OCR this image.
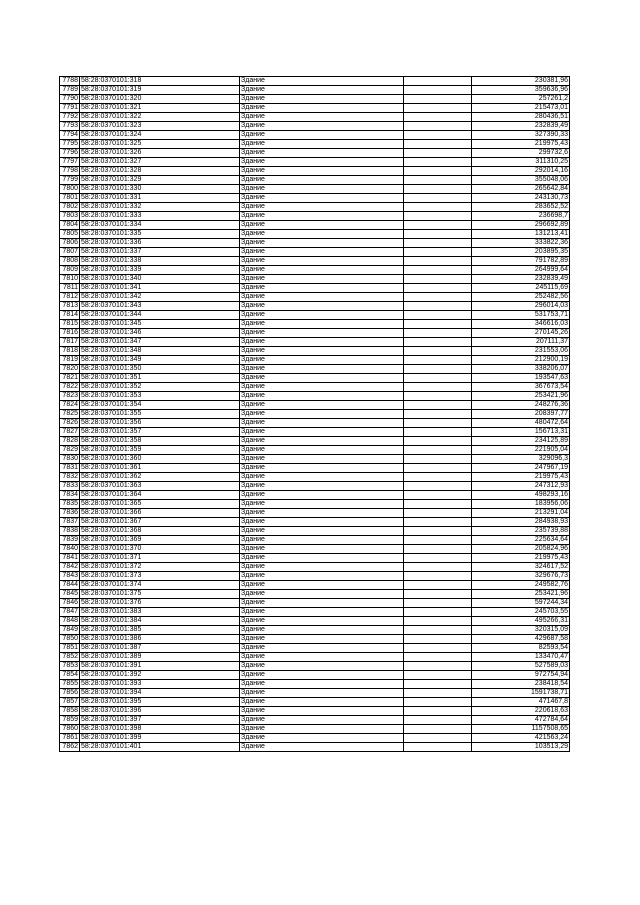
7788	58:28:0370101:318	Здание		230381,96
7789	58:28:0370101:319	Здание		359636,96
7790	58:28:0370101:320	Здание		257261,2
7791	58:28:0370101:321	Здание		215473,01
7792	58:28:0370101:322	Здание		280436,51
7793	58:28:0370101:323	Здание		232839,49
7794	58:28:0370101:324	Здание		327390,33
7795	58:28:0370101:325	Здание		219975,43
7796	58:28:0370101:326	Здание		299732,6
7797	58:28:0370101:327	Здание		311310,25
7798	58:28:0370101:328	Здание		292014,16
7799	58:28:0370101:329	Здание		355048,06
7800	58:28:0370101:330	Здание		265642,84
7801	58:28:0370101:331	Здание		243130,73
7802	58:28:0370101:332	Здание		283652,52
7803	58:28:0370101:333	Здание		236698,7
7804	58:28:0370101:334	Здание		296692,89
7805	58:28:0370101:335	Здание		131213,41
7806	58:28:0370101:336	Здание		333822,36
7807	58:28:0370101:337	Здание		203895,35
7808	58:28:0370101:338	Здание		791782,89
7809	58:28:0370101:339	Здание		264999,64
7810	58:28:0370101:340	Здание		232839,49
7811	58:28:0370101:341	Здание		245115,69
7812	58:28:0370101:342	Здание		252482,56
7813	58:28:0370101:343	Здание		296014,03
7814	58:28:0370101:344	Здание		531753,71
7815	58:28:0370101:345	Здание		346616,03
7816	58:28:0370101:346	Здание		270145,26
7817	58:28:0370101:347	Здание		207111,37
7818	58:28:0370101:348	Здание		231553,06
7819	58:28:0370101:349	Здание		212900,19
7820	58:28:0370101:350	Здание		338206,07
7821	58:28:0370101:351	Здание		193547,63
7822	58:28:0370101:352	Здание		367673,54
7823	58:28:0370101:353	Здание		253421,96
7824	58:28:0370101:354	Здание		248276,36
7825	58:28:0370101:355	Здание		208397,77
7826	58:28:0370101:356	Здание		480472,64
7827	58:28:0370101:357	Здание		156713,31
7828	58:28:0370101:358	Здание		234125,89
7829	58:28:0370101:359	Здание		221905,04
7830	58:28:0370101:360	Здание		329096,3
7831	58:28:0370101:361	Здание		247967,19
7832	58:28:0370101:362	Здание		219975,43
7833	58:28:0370101:363	Здание		247312,93
7834	58:28:0370101:364	Здание		498293,16
7835	58:28:0370101:365	Здание		183956,06
7836	58:28:0370101:366	Здание		213291,04
7837	58:28:0370101:367	Здание		284938,93
7838	58:28:0370101:368	Здание		235739,88
7839	58:28:0370101:369	Здание		225634,64
7840	58:28:0370101:370	Здание		205824,96
7841	58:28:0370101:371	Здание		219975,43
7842	58:28:0370101:372	Здание		324617,52
7843	58:28:0370101:373	Здание		329676,73
7844	58:28:0370101:374	Здание		249582,76
7845	58:28:0370101:375	Здание		253421,96
7846	58:28:0370101:376	Здание		597244,34
7847	58:28:0370101:383	Здание		245703,55
7848	58:28:0370101:384	Здание		495266,31
7849	58:28:0370101:385	Здание		320315,09
7850	58:28:0370101:386	Здание		429687,58
7851	58:28:0370101:387	Здание		82593,54
7852	58:28:0370101:389	Здание		133470,47
7853	58:28:0370101:391	Здание		527589,03
7854	58:28:0370101:392	Здание		972754,94
7855	58:28:0370101:393	Здание		238418,54
7856	58:28:0370101:394	Здание		1591738,71
7857	58:28:0370101:395	Здание		471467,8
7858	58:28:0370101:396	Здание		220618,63
7859	58:28:0370101:397	Здание		472784,64
7860	58:28:0370101:398	Здание		1157508,65
7861	58:28:0370101:399	Здание		421563,24
7862	58:28:0370101:401	Здание		103513,29
